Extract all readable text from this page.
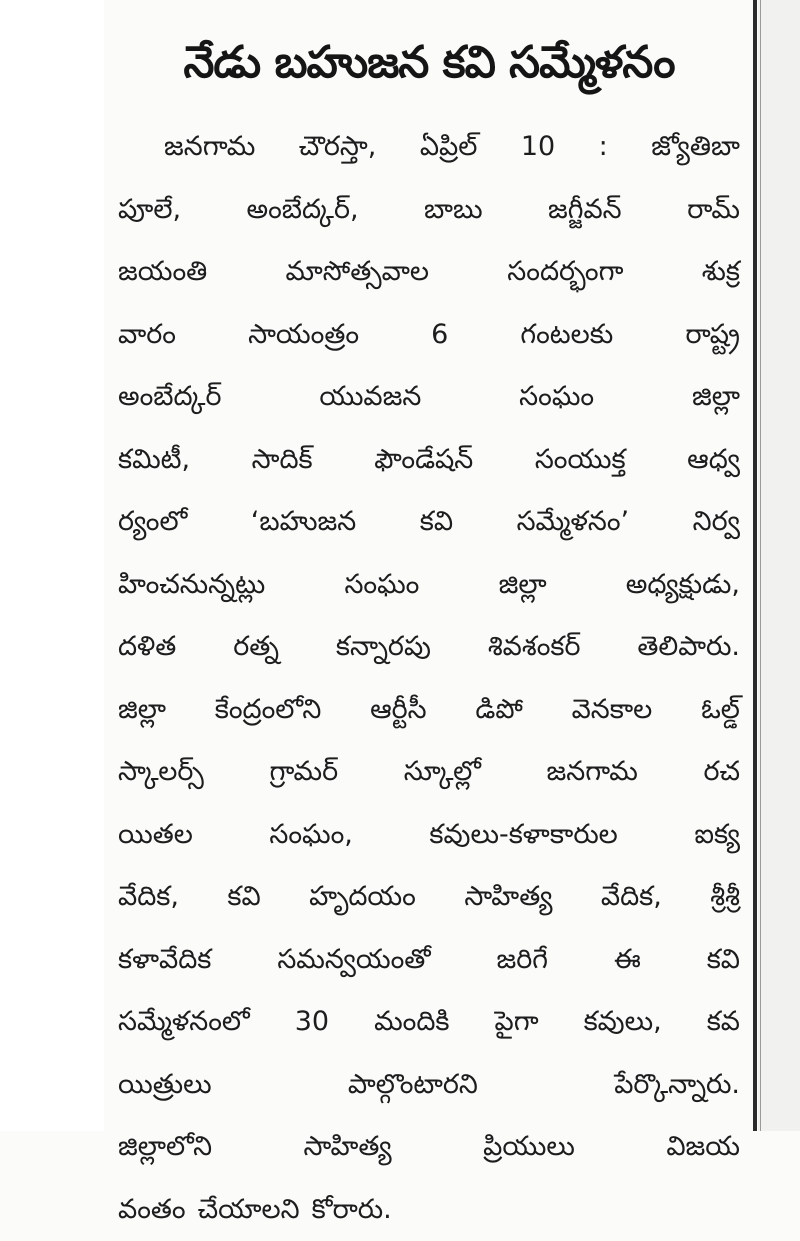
నేడు బహుజన కవి సమ్మేళనం
జనగామ చౌరస్తా, ఏప్రిల్ 10 : జ్యోతిబా
పూలే, అంబేద్కర్, బాబు జగ్జీవన్ రామ్
జయంతి	మాసోత్సవాల	సందర్భంగా	శుక్ర
వారం	సాయంత్రం	6	గంటలకు	రాష్ట్ర
అంబేద్కర్	యువజన	సంఘం	జిల్లా
కమిటీ, సాదిక్ ఫౌండేషన్ సంయుక్త ఆధ్వ
ర్యంలో ‘బహుజన కవి సమ్మేళనం’ నిర్వ
హించనున్నట్లు	సంఘం	జిల్లా	అధ్యక్షుడు,
దళిత రత్న కన్నారపు శివశంకర్ తెలిపారు.
జిల్లా కేంద్రంలోని ఆర్టీసీ డిపో వెనకాల ఓల్డ్
స్కాలర్స్ గ్రామర్ స్కూల్లో జనగామ రచ
యితల	సంఘం,	కవులు-కళాకారుల	ఐక్య
వేదిక, కవి హృదయం సాహిత్య వేదిక, శ్రీశ్రీ
కళావేదిక సమన్వయంతో జరిగే ఈ కవి
సమ్మేళనంలో 30 మందికి పైగా కవులు, కవ
యిత్రులు	పాల్గొంటారని	పేర్కొన్నారు.
జిల్లాలోని	సాహిత్య	ప్రియులు	విజయ
వంతం చేయాలని కోరారు.
